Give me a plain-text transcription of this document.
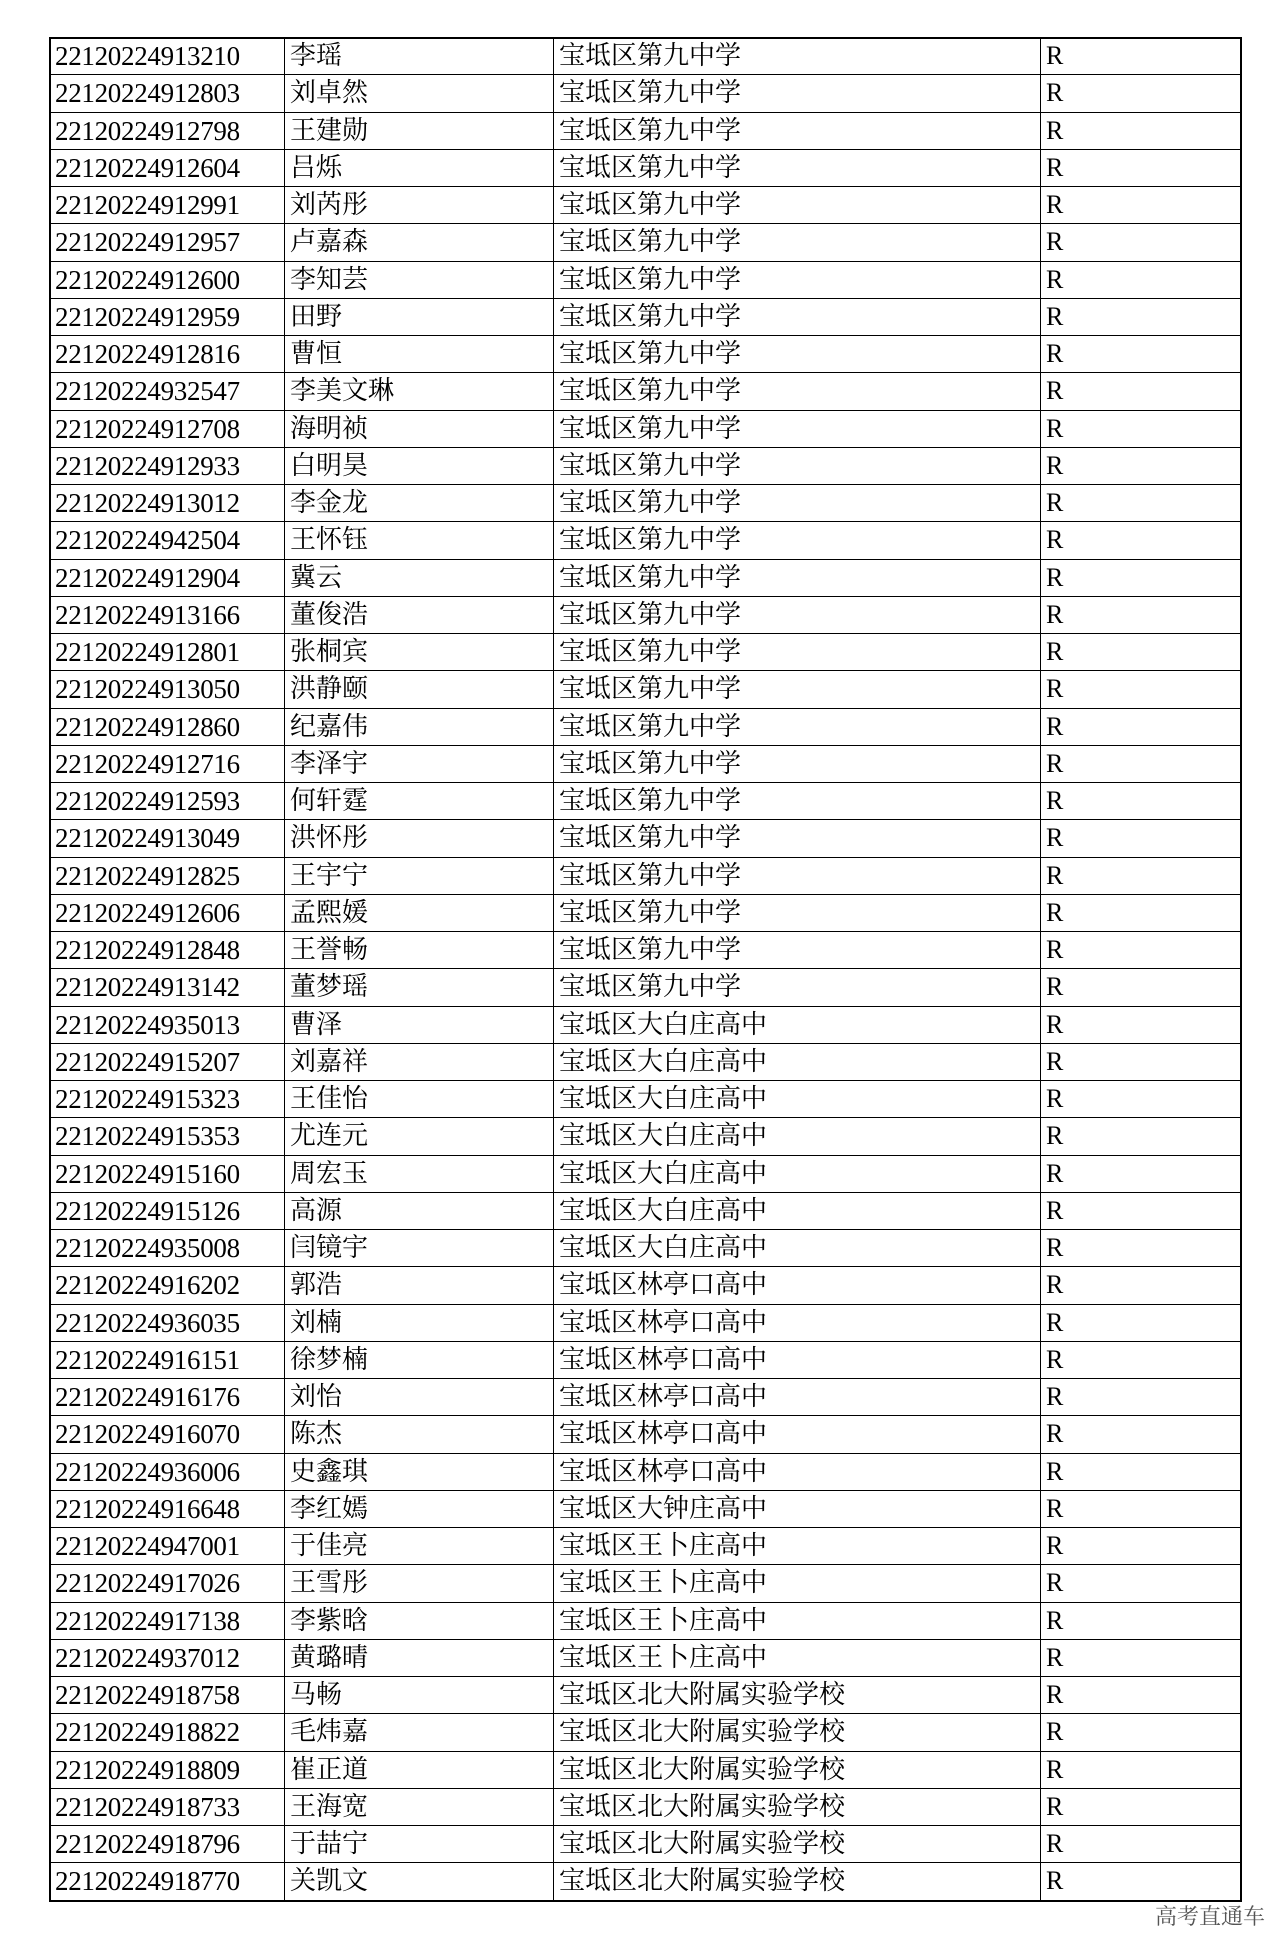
22120224913210	李瑶	宝坻区第九中学	R
22120224912803	刘卓然	宝坻区第九中学	R
22120224912798	王建勋	宝坻区第九中学	R
22120224912604	吕烁	宝坻区第九中学	R
22120224912991	刘芮彤	宝坻区第九中学	R
22120224912957	卢嘉森	宝坻区第九中学	R
22120224912600	李知芸	宝坻区第九中学	R
22120224912959	田野	宝坻区第九中学	R
22120224912816	曹恒	宝坻区第九中学	R
22120224932547	李美文琳	宝坻区第九中学	R
22120224912708	海明祯	宝坻区第九中学	R
22120224912933	白明昊	宝坻区第九中学	R
22120224913012	李金龙	宝坻区第九中学	R
22120224942504	王怀钰	宝坻区第九中学	R
22120224912904	冀云	宝坻区第九中学	R
22120224913166	董俊浩	宝坻区第九中学	R
22120224912801	张桐宾	宝坻区第九中学	R
22120224913050	洪静颐	宝坻区第九中学	R
22120224912860	纪嘉伟	宝坻区第九中学	R
22120224912716	李泽宇	宝坻区第九中学	R
22120224912593	何轩霆	宝坻区第九中学	R
22120224913049	洪怀彤	宝坻区第九中学	R
22120224912825	王宇宁	宝坻区第九中学	R
22120224912606	孟熙媛	宝坻区第九中学	R
22120224912848	王誉畅	宝坻区第九中学	R
22120224913142	董梦瑶	宝坻区第九中学	R
22120224935013	曹泽	宝坻区大白庄高中	R
22120224915207	刘嘉祥	宝坻区大白庄高中	R
22120224915323	王佳怡	宝坻区大白庄高中	R
22120224915353	尤连元	宝坻区大白庄高中	R
22120224915160	周宏玉	宝坻区大白庄高中	R
22120224915126	高源	宝坻区大白庄高中	R
22120224935008	闫镜宇	宝坻区大白庄高中	R
22120224916202	郭浩	宝坻区林亭口高中	R
22120224936035	刘楠	宝坻区林亭口高中	R
22120224916151	徐梦楠	宝坻区林亭口高中	R
22120224916176	刘怡	宝坻区林亭口高中	R
22120224916070	陈杰	宝坻区林亭口高中	R
22120224936006	史鑫琪	宝坻区林亭口高中	R
22120224916648	李红嫣	宝坻区大钟庄高中	R
22120224947001	于佳亮	宝坻区王卜庄高中	R
22120224917026	王雪彤	宝坻区王卜庄高中	R
22120224917138	李紫晗	宝坻区王卜庄高中	R
22120224937012	黄璐晴	宝坻区王卜庄高中	R
22120224918758	马畅	宝坻区北大附属实验学校	R
22120224918822	毛炜嘉	宝坻区北大附属实验学校	R
22120224918809	崔正道	宝坻区北大附属实验学校	R
22120224918733	王海宽	宝坻区北大附属实验学校	R
22120224918796	于喆宁	宝坻区北大附属实验学校	R
22120224918770	关凯文	宝坻区北大附属实验学校	R
高考直通车
